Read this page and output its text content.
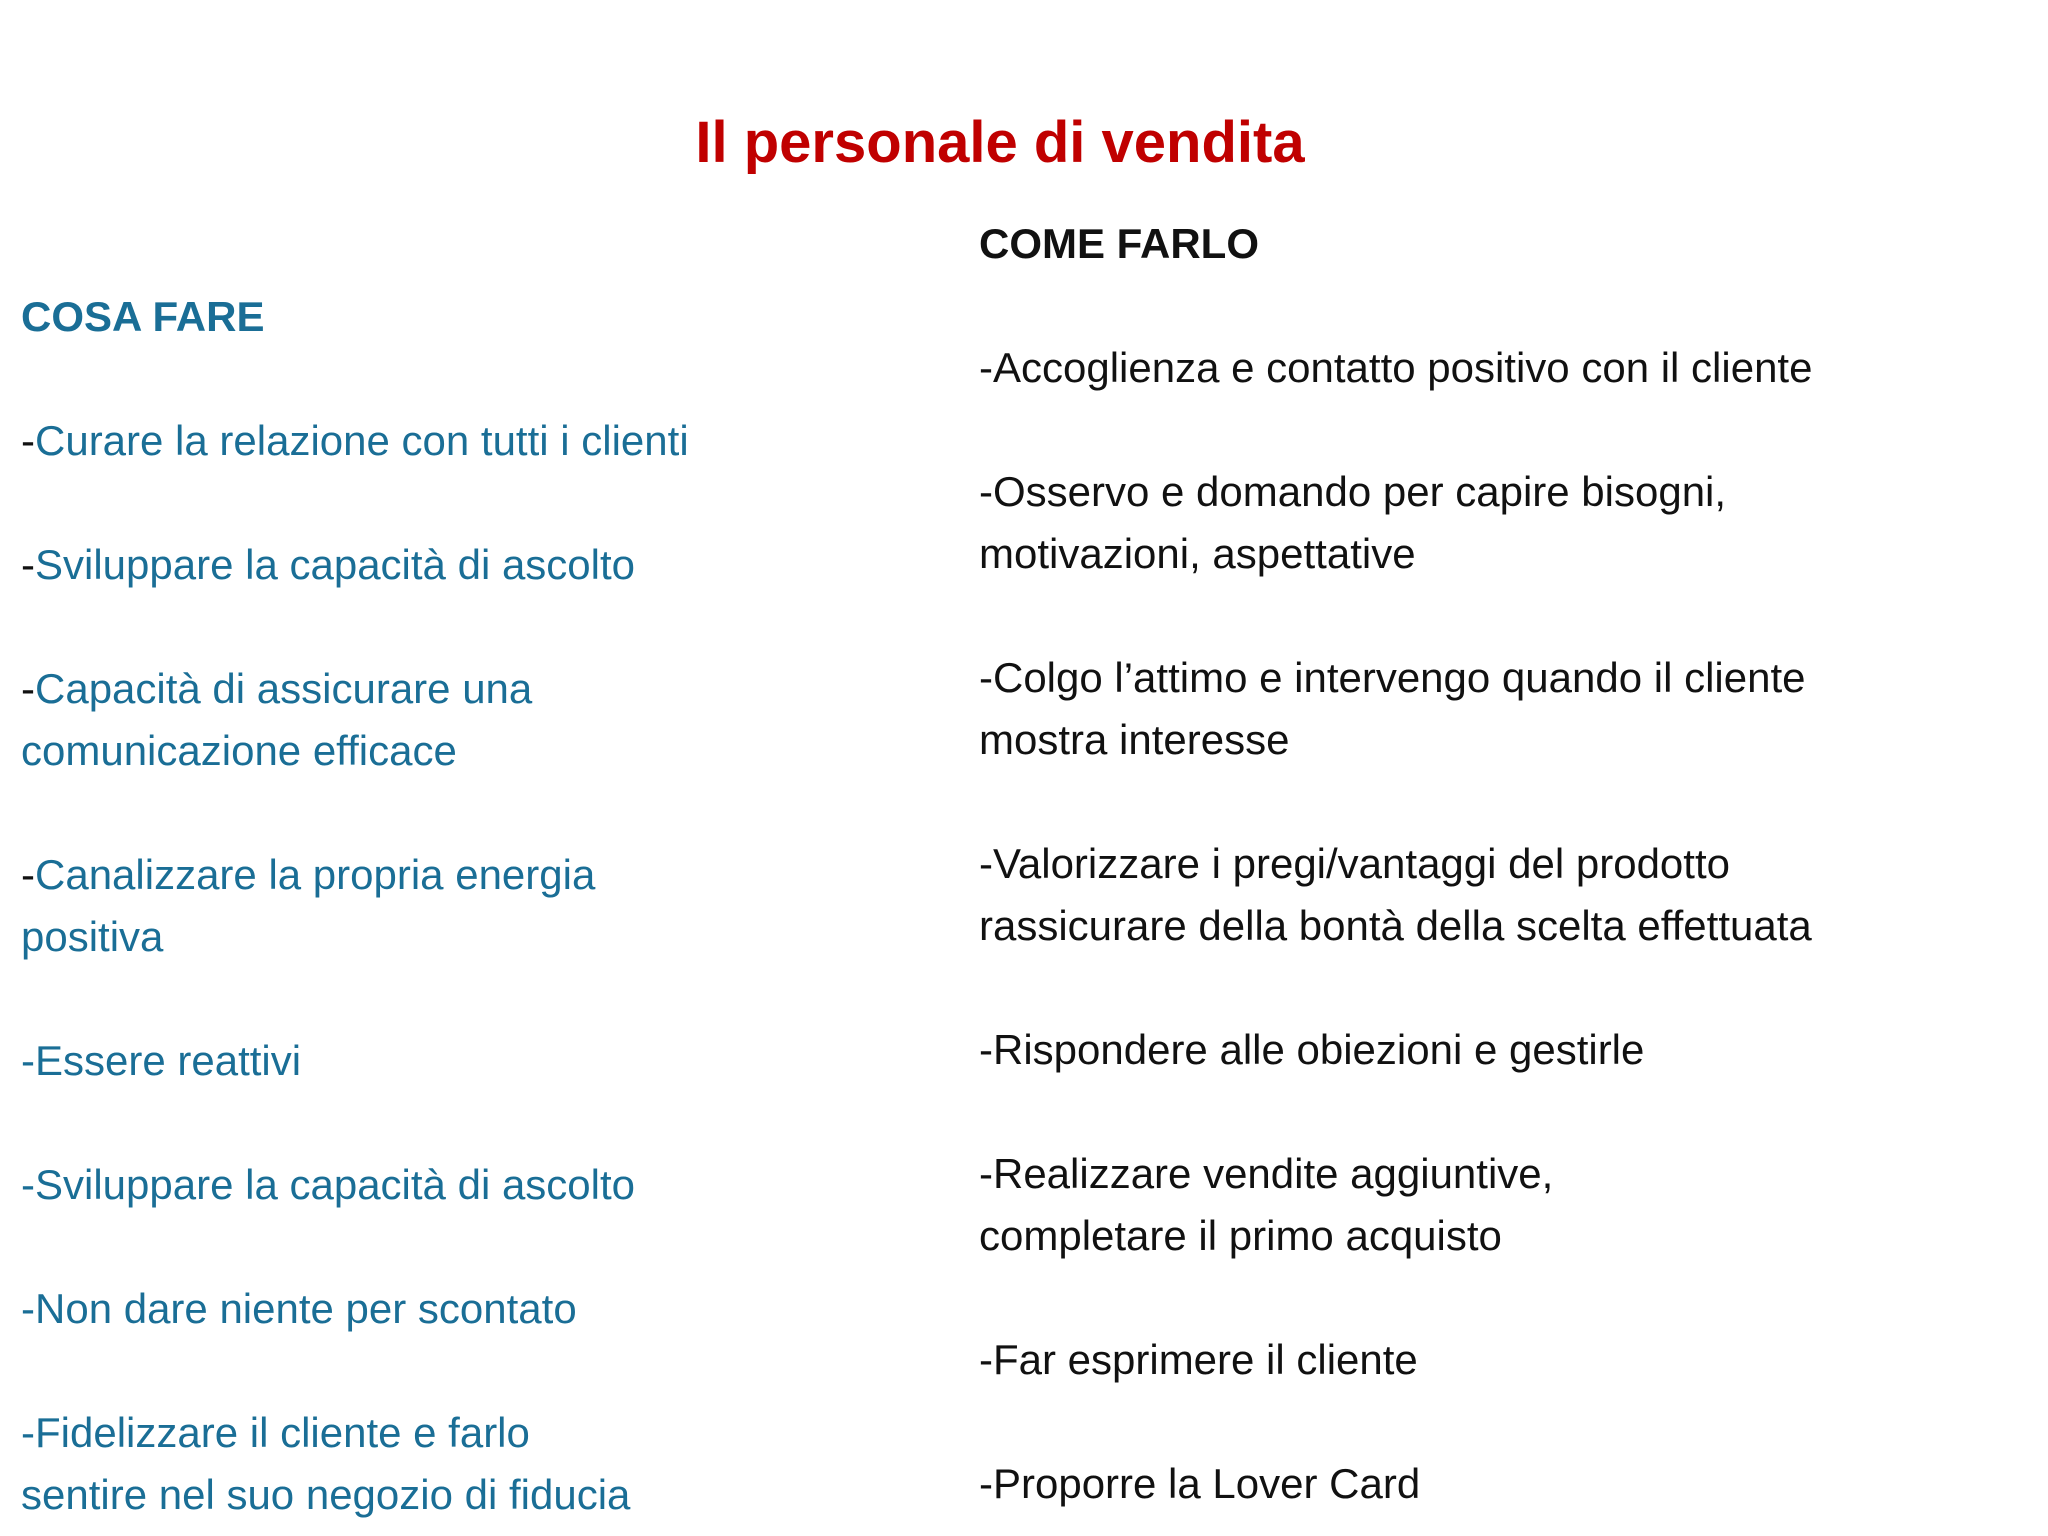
Il personale di vendita
COSA FARE
-Curare la relazione con tutti i clienti
-Sviluppare la capacità di ascolto
-Capacità di assicurare una
comunicazione efficace
-Canalizzare la propria energia
positiva
-Essere reattivi
-Sviluppare la capacità di ascolto
-Non dare niente per scontato
-Fidelizzare il cliente e farlo
sentire nel suo negozio di fiducia
COME FARLO
-Accoglienza e contatto positivo con il cliente
-Osservo e domando per capire bisogni,
motivazioni, aspettative
-Colgo l’attimo e intervengo quando il cliente
mostra interesse
-Valorizzare i pregi/vantaggi del prodotto
rassicurare della bontà della scelta effettuata
-Rispondere alle obiezioni e gestirle
-Realizzare vendite aggiuntive,
completare il primo acquisto
-Far esprimere il cliente
-Proporre la Lover Card
